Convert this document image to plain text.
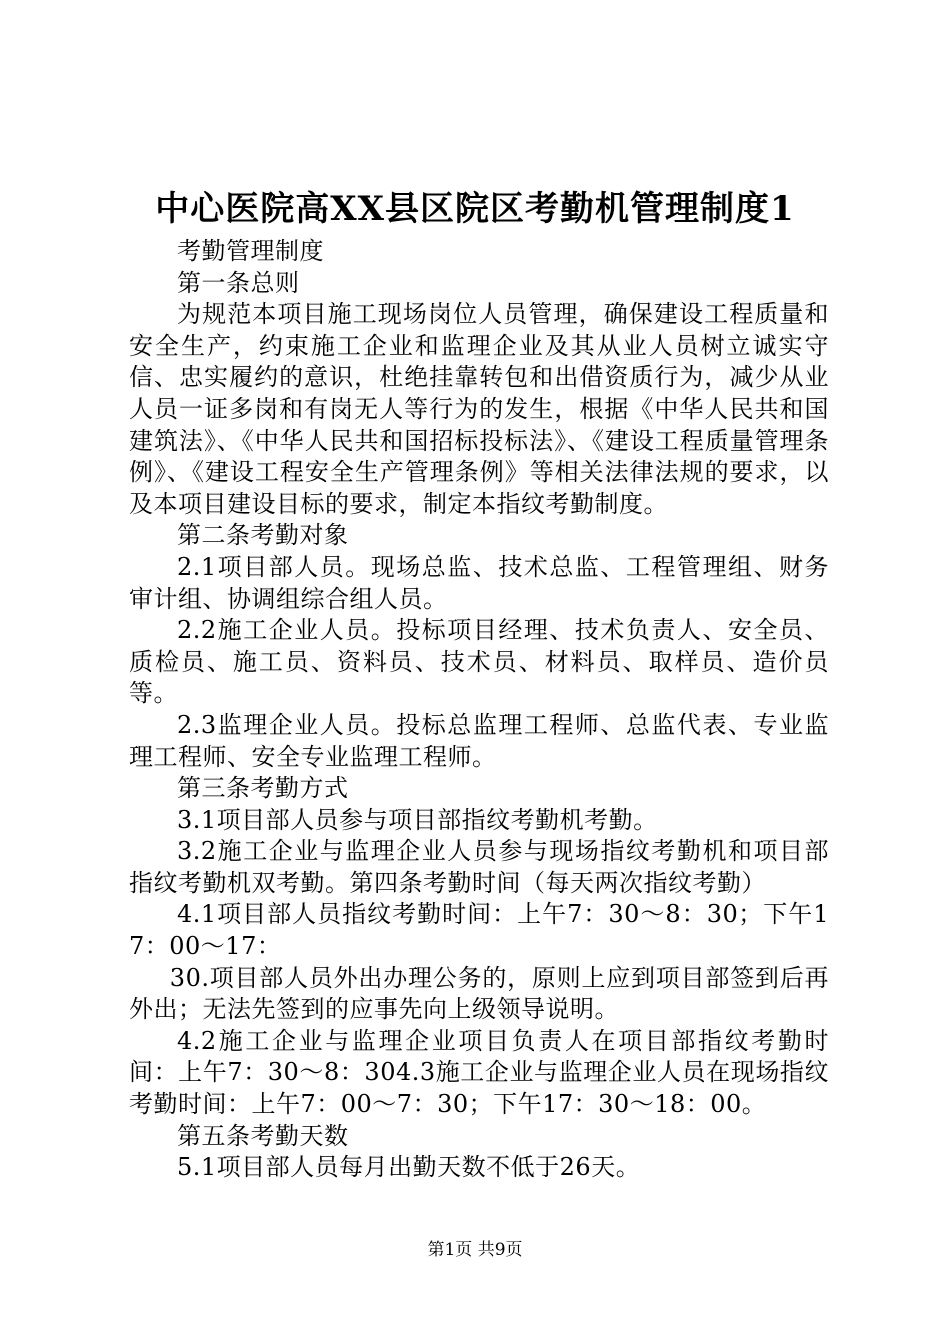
中心医院高XX县区院区考勤机管理制度1

考勤管理制度

第一条总则

为规范本项目施工现场岗位人员管理，确保建设工程质量和安全生产，约束施工企业和监理企业及其从业人员树立诚实守信、忠实履约的意识，杜绝挂靠转包和出借资质行为，减少从业人员一证多岗和有岗无人等行为的发生，根据《中华人民共和国建筑法》、《中华人民共和国招标投标法》、《建设工程质量管理条例》、《建设工程安全生产管理条例》等相关法律法规的要求，以及本项目建设目标的要求，制定本指纹考勤制度。

第二条考勤对象

2.1项目部人员。现场总监、技术总监、工程管理组、财务审计组、协调组综合组人员。

2.2施工企业人员。投标项目经理、技术负责人、安全员、质检员、施工员、资料员、技术员、材料员、取样员、造价员等。

2.3监理企业人员。投标总监理工程师、总监代表、专业监理工程师、安全专业监理工程师。

第三条考勤方式

3.1项目部人员参与项目部指纹考勤机考勤。

3.2施工企业与监理企业人员参与现场指纹考勤机和项目部指纹考勤机双考勤。第四条考勤时间（每天两次指纹考勤）

4.1项目部人员指纹考勤时间：上午7：30～8：30；下午17：00～17：

30.项目部人员外出办理公务的，原则上应到项目部签到后再外出；无法先签到的应事先向上级领导说明。

4.2施工企业与监理企业项目负责人在项目部指纹考勤时间：上午7：30～8：304.3施工企业与监理企业人员在现场指纹考勤时间：上午7：00～7：30；下午17：30～18：00。

第五条考勤天数

5.1项目部人员每月出勤天数不低于26天。

第1页 共9页
